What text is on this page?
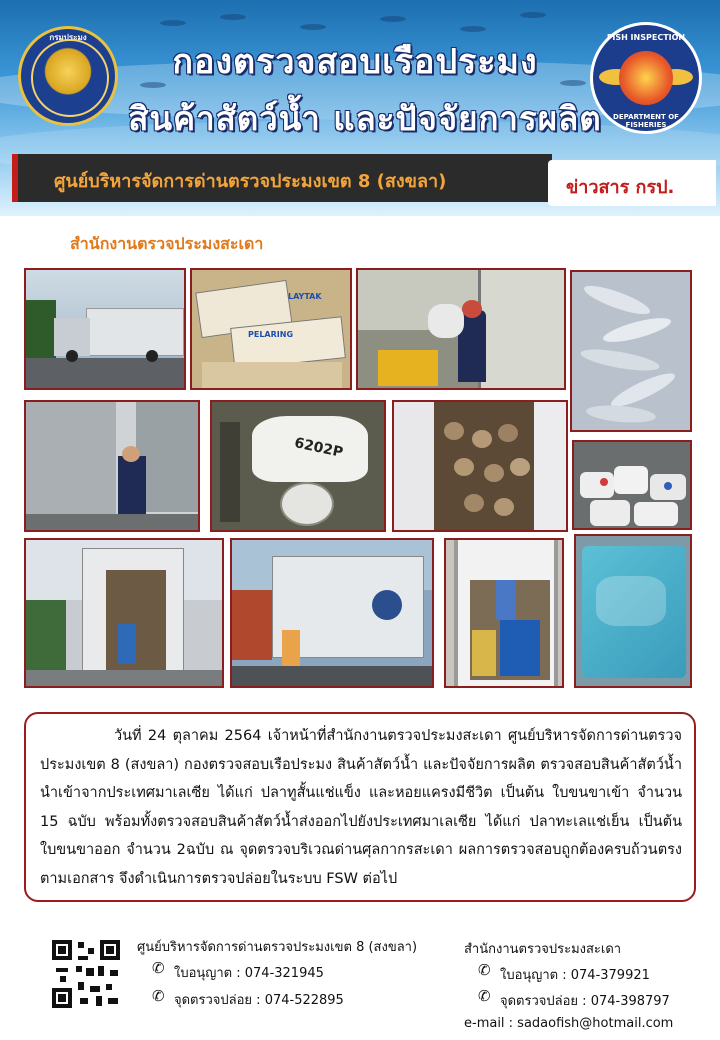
กรมประมง
กองตรวจสอบเรือประมง
สินค้าสัตว์น้ำ และปัจจัยการผลิต
FISH INSPECTION
DEPARTMENT OF FISHERIES
ศูนย์บริหารจัดการด่านตรวจประมงเขต 8 (สงขลา)	ข่าวสาร กรป.
สำนักงานตรวจประมงสะเดา
PELARING
LAYTAK
6202P

วันที่ 24 ตุลาคม 2564 เจ้าหน้าที่สำนักงานตรวจประมงสะเดา ศูนย์บริหารจัดการด่านตรวจประมงเขต 8 (สงขลา) กองตรวจสอบเรือประมง สินค้าสัตว์น้ำ และปัจจัยการผลิต ตรวจสอบสินค้าสัตว์น้ำนำเข้าจากประเทศมาเลเซีย ได้แก่ ปลาทูสั้นแช่แข็ง และหอยแครงมีชีวิต เป็นต้น ใบขนขาเข้า จำนวน 15 ฉบับ พร้อมทั้งตรวจสอบสินค้าสัตว์น้ำส่งออกไปยังประเทศมาเลเซีย ได้แก่ ปลาทะเลแช่เย็น เป็นต้น ใบขนขาออก จำนวน 2ฉบับ ณ จุดตรวจบริเวณด่านศุลกากรสะเดา ผลการตรวจสอบถูกต้องครบถ้วนตรงตามเอกสาร จึงดำเนินการตรวจปล่อยในระบบ FSW ต่อไป

ศูนย์บริหารจัดการด่านตรวจประมงเขต 8 (สงขลา)
✆ ใบอนุญาต : 074-321945
✆ จุดตรวจปล่อย : 074-522895
สำนักงานตรวจประมงสะเดา
✆ ใบอนุญาต : 074-379921
✆ จุดตรวจปล่อย : 074-398797
e-mail : sadaofish@hotmail.com
